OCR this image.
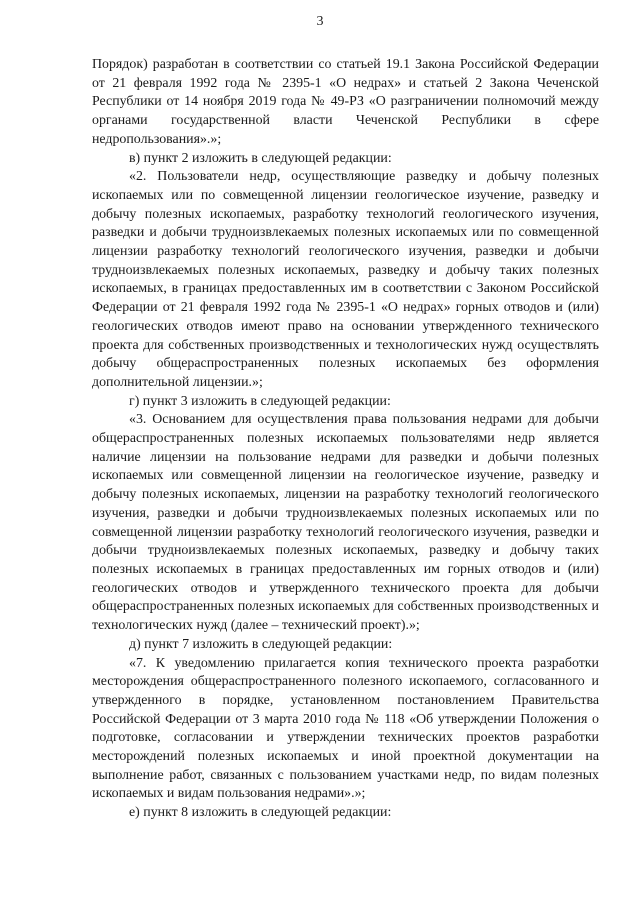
3

Порядок) разработан в соответствии со статьей 19.1 Закона Российской Федерации от 21 февраля 1992 года № 2395-1 «О недрах» и статьей 2 Закона Чеченской Республики от 14 ноября 2019 года № 49-РЗ «О разграничении полномочий между органами государственной власти Чеченской Республики в сфере недропользования».»;

в) пункт 2 изложить в следующей редакции:

«2. Пользователи недр, осуществляющие разведку и добычу полезных ископаемых или по совмещенной лицензии геологическое изучение, разведку и добычу полезных ископаемых, разработку технологий геологического изучения, разведки и добычи трудноизвлекаемых полезных ископаемых или по совмещенной лицензии разработку технологий геологического изучения, разведки и добычи трудноизвлекаемых полезных ископаемых, разведку и добычу таких полезных ископаемых, в границах предоставленных им в соответствии с Законом Российской Федерации от 21 февраля 1992 года № 2395-1 «О недрах» горных отводов и (или) геологических отводов имеют право на основании утвержденного технического проекта для собственных производственных и технологических нужд осуществлять добычу общераспространенных полезных ископаемых без оформления дополнительной лицензии.»;

г) пункт 3 изложить в следующей редакции:

«3. Основанием для осуществления права пользования недрами для добычи общераспространенных полезных ископаемых пользователями недр является наличие лицензии на пользование недрами для разведки и добычи полезных ископаемых или совмещенной лицензии на геологическое изучение, разведку и добычу полезных ископаемых, лицензии на разработку технологий геологического изучения, разведки и добычи трудноизвлекаемых полезных ископаемых или по совмещенной лицензии разработку технологий геологического изучения, разведки и добычи трудноизвлекаемых полезных ископаемых, разведку и добычу таких полезных ископаемых в границах предоставленных им горных отводов и (или) геологических отводов и утвержденного технического проекта для добычи общераспространенных полезных ископаемых для собственных производственных и технологических нужд (далее – технический проект).»;

д) пункт 7 изложить в следующей редакции:

«7. К уведомлению прилагается копия технического проекта разработки месторождения общераспространенного полезного ископаемого, согласованного и утвержденного в порядке, установленном постановлением Правительства Российской Федерации от 3 марта 2010 года № 118 «Об утверждении Положения о подготовке, согласовании и утверждении технических проектов разработки месторождений полезных ископаемых и иной проектной документации на выполнение работ, связанных с пользованием участками недр, по видам полезных ископаемых и видам пользования недрами».»;

е) пункт 8 изложить в следующей редакции:
